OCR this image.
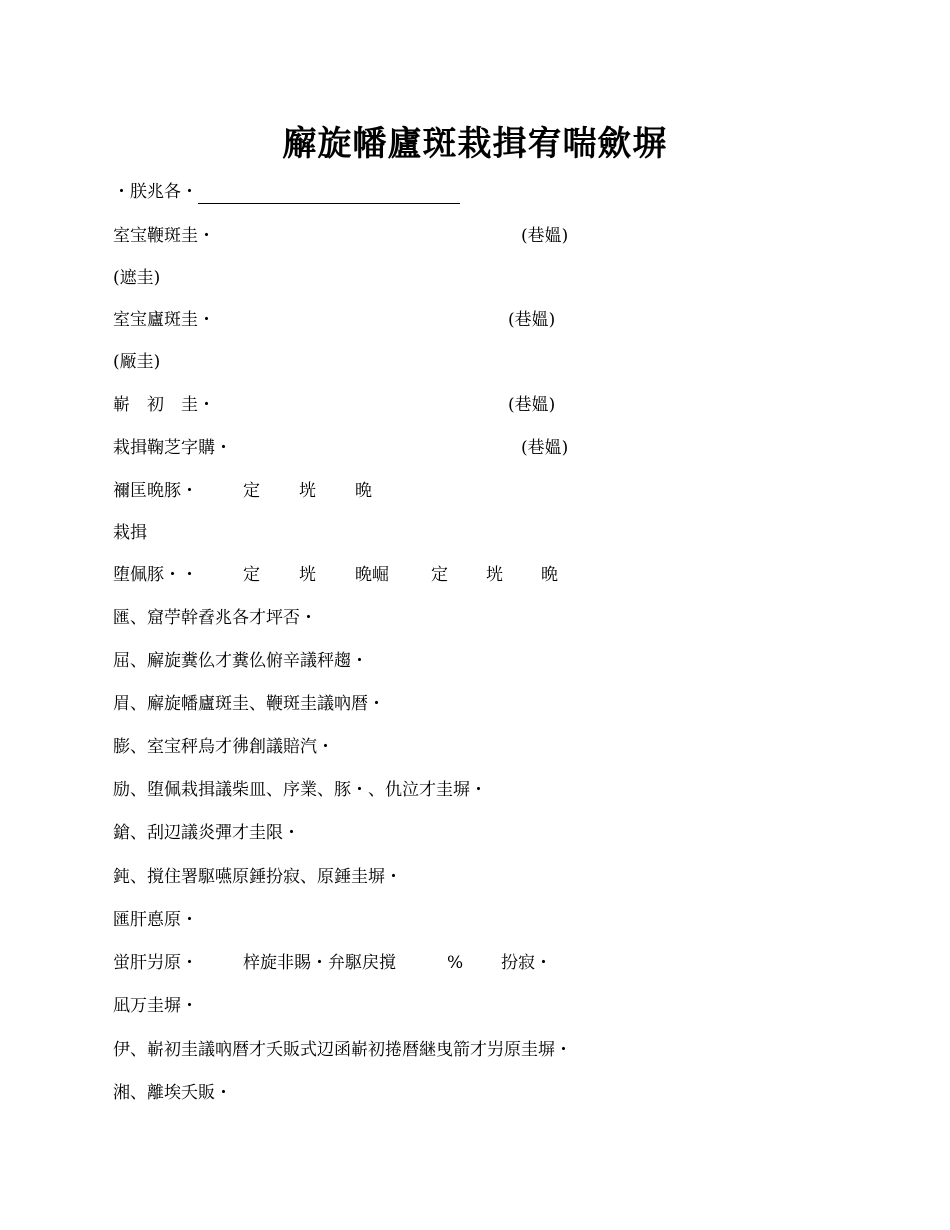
廨旋幡廬斑栽揖宥喘歛塀
・朕兆各・
室宝鞭斑圭・	(巷媼)
(遮圭)
室宝廬斑圭・	(巷媼)
(厰圭)
嶄　初　圭・	(巷媼)
栽揖鞠芝字購・	(巷媼)
禰匡晩豚・	定 垙 晩
栽揖
堕佩豚・・	定 垙 晩崛 定 垙 晩
匯、窟苧幹孴兆各才坪否・
屈、廨旋糞仫才糞仫俯辛議秤趨・
眉、廨旋幡廬斑圭、鞭斑圭議吶暦・
膨、室宝秤烏才彿創議賠汽・
励、堕佩栽揖議柴皿、序業、豚・、仇泣才圭塀・
鎗、刮辺議炎彈才圭限・
鈍、撹住署駆嚥原錘扮寂、原錘圭塀・
匯肝悳原・
蛍肝屶原・	梓旋非賜・弁駆戻撹	% 扮寂・
凪万圭塀・
伊、嶄初圭議吶暦才夭販式辺函嶄初捲暦継曳箭才屶原圭塀・
湘、離埃夭販・
